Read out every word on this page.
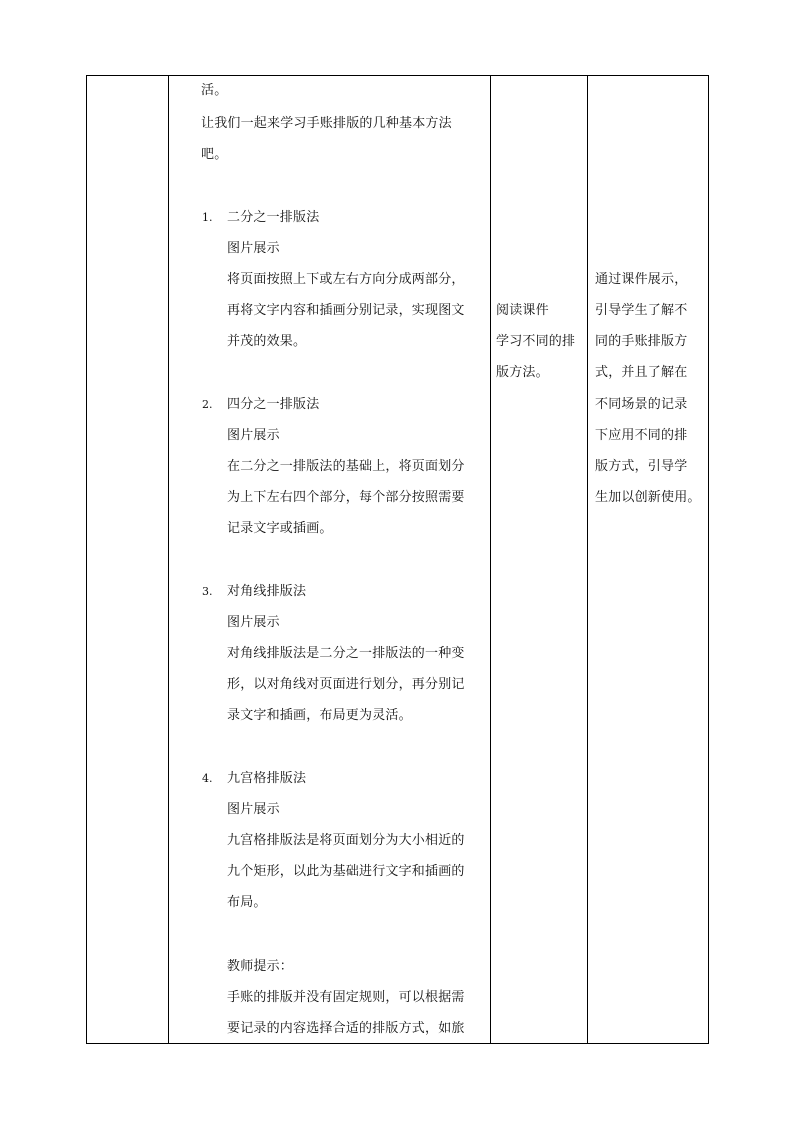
活。
让我们一起来学习手账排版的几种基本方法
吧。
1. 二分之一排版法
图片展示
将页面按照上下或左右方向分成两部分，
再将文字内容和插画分别记录，实现图文
并茂的效果。
2. 四分之一排版法
图片展示
在二分之一排版法的基础上，将页面划分
为上下左右四个部分，每个部分按照需要
记录文字或插画。
3. 对角线排版法
图片展示
对角线排版法是二分之一排版法的一种变
形，以对角线对页面进行划分，再分别记
录文字和插画，布局更为灵活。
4. 九宫格排版法
图片展示
九宫格排版法是将页面划分为大小相近的
九个矩形，以此为基础进行文字和插画的
布局。
教师提示：
手账的排版并没有固定规则，可以根据需
要记录的内容选择合适的排版方式，如旅

阅读课件
学习不同的排
版方法。

通过课件展示，
引导学生了解不
同的手账排版方
式，并且了解在
不同场景的记录
下应用不同的排
版方式，引导学
生加以创新使用。
